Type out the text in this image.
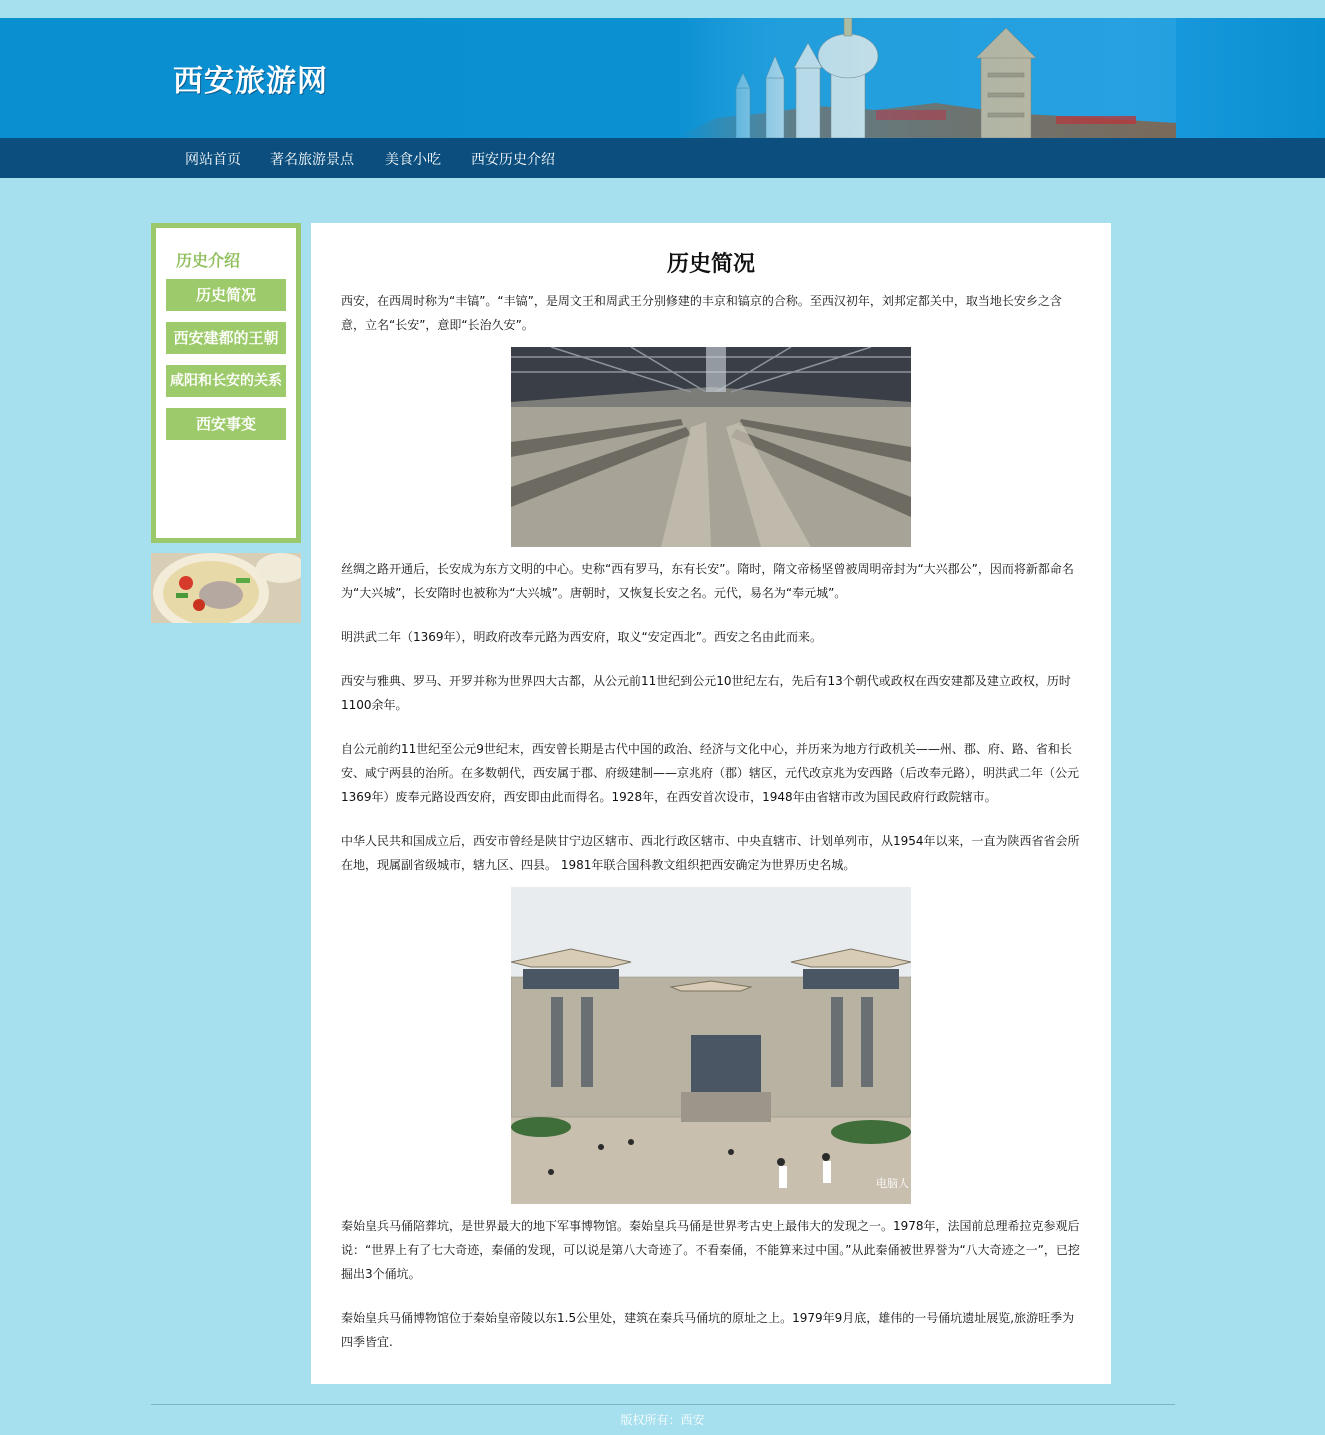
西安旅游网
网站首页 著名旅游景点 美食小吃 西安历史介绍
历史介绍
历史简况
西安建都的王朝
咸阳和长安的关系
西安事变
历史简况

西安，在西周时称为“丰镐”。“丰镐”，是周文王和周武王分别修建的丰京和镐京的合称。至西汉初年，刘邦定都关中，取当地长安乡之含意，立名“长安”，意即“长治久安”。

丝绸之路开通后，长安成为东方文明的中心。史称“西有罗马，东有长安”。隋时，隋文帝杨坚曾被周明帝封为“大兴郡公”，因而将新都命名为“大兴城”，长安隋时也被称为“大兴城”。唐朝时，又恢复长安之名。元代，易名为“奉元城”。

明洪武二年（1369年），明政府改奉元路为西安府，取义“安定西北”。西安之名由此而来。

西安与雅典、罗马、开罗并称为世界四大古都，从公元前11世纪到公元10世纪左右，先后有13个朝代或政权在西安建都及建立政权，历时1100余年。

自公元前约11世纪至公元9世纪末，西安曾长期是古代中国的政治、经济与文化中心，并历来为地方行政机关——州、郡、府、路、省和长安、咸宁两县的治所。在多数朝代，西安属于郡、府级建制——京兆府（郡）辖区，元代改京兆为安西路（后改奉元路），明洪武二年（公元1369年）废奉元路设西安府，西安即由此而得名。1928年，在西安首次设市，1948年由省辖市改为国民政府行政院辖市。

中华人民共和国成立后，西安市曾经是陕甘宁边区辖市、西北行政区辖市、中央直辖市、计划单列市，从1954年以来，一直为陕西省省会所在地，现属副省级城市，辖九区、四县。 1981年联合国科教文组织把西安确定为世界历史名城。

电脑人

秦始皇兵马俑陪葬坑，是世界最大的地下军事博物馆。秦始皇兵马俑是世界考古史上最伟大的发现之一。1978年，法国前总理希拉克参观后说：“世界上有了七大奇迹，秦俑的发现，可以说是第八大奇迹了。不看秦俑，不能算来过中国。”从此秦俑被世界誉为“八大奇迹之一”，已挖掘出3个俑坑。

秦始皇兵马俑博物馆位于秦始皇帝陵以东1.5公里处，建筑在秦兵马俑坑的原址之上。1979年9月底，雄伟的一号俑坑遗址展览,旅游旺季为四季皆宜.

版权所有：西安
